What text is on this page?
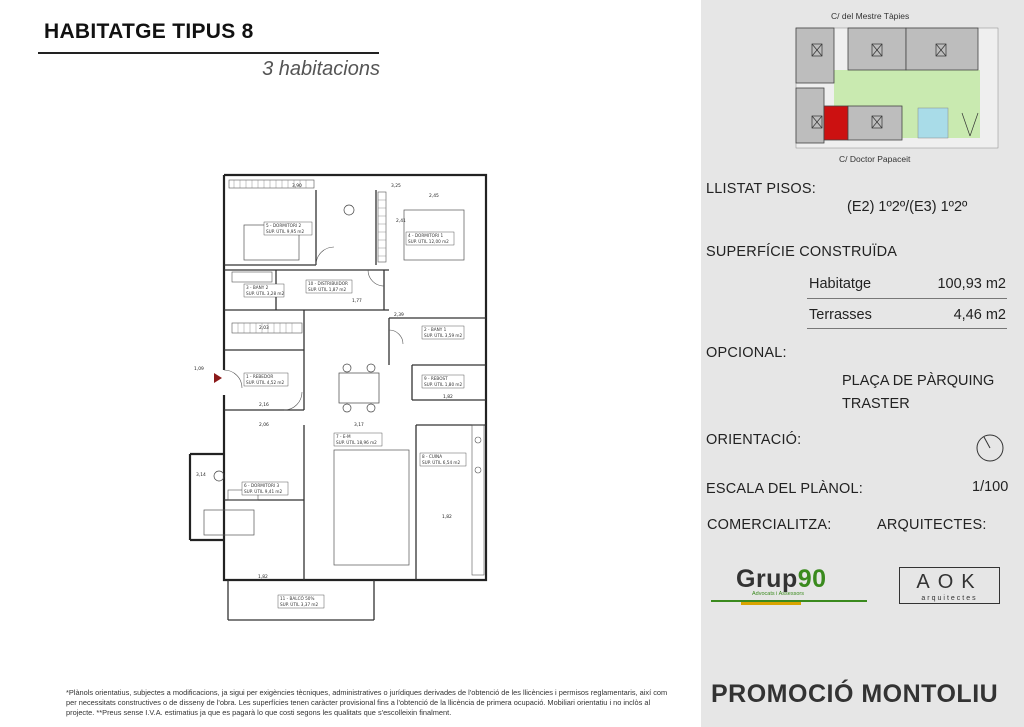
HABITATGE TIPUS 8
3 habitacions
5 - DORMITORI 2
SUP. ÚTIL 9,95 m2
4 - DORMITORI 1
SUP. ÚTIL 12,00 m2
3 - BANY 2
SUP. ÚTIL 3,28 m2
10 - DISTRIBUIDOR
SUP. ÚTIL 1,87 m2
2 - BANY 1
SUP. ÚTIL 3,59 m2
1 - REBEDOR
SUP. ÚTIL 4,52 m2
9 - REBOST
SUP. ÚTIL 1,80 m2
7 - E-M
SUP. ÚTIL 18,96 m2
8 - CUINA
SUP. ÚTIL 6,54 m2
6 - DORMITORI 3
SUP. ÚTIL 9,41 m2
11 - BALCÓ 50%
SUP. ÚTIL 3,37 m2
3,90	3,25
2,45
2,41
1,77
2,03
2,39
1,82
2,16
3,17
2,06
3,14
1,82
1,82
1,09
*Plànols orientatius, subjectes a modificacions, ja sigui per exigències tècniques, administratives o jurídiques derivades de l'obtenció de les llicències i permisos reglamentaris, així com per necessitats constructives o de disseny de l'obra. Les superfícies tenen caràcter provisional fins a l'obtenció de la llicència de primera ocupació. Mobiliari orientatiu i no inclòs al projecte. **Preus sense I.V.A. estimatius ja que es pagarà lo que costi segons les qualitats que s'escolleixin finalment.
C/ del Mestre Tàpies
C/ Doctor Papaceit
LLISTAT PISOS:
(E2) 1º2º/(E3) 1º2º
SUPERFÍCIE CONSTRUÏDA
Habitatge	100,93 m2
Terrasses	4,46 m2
OPCIONAL:
PLAÇA DE PÀRQUING
TRASTER
ORIENTACIÓ:
ESCALA DEL PLÀNOL:	1/100
COMERCIALITZA:	ARQUITECTES:
Grup90
Advocats i Assessors
AOK
arquitectes
PROMOCIÓ MONTOLIU
